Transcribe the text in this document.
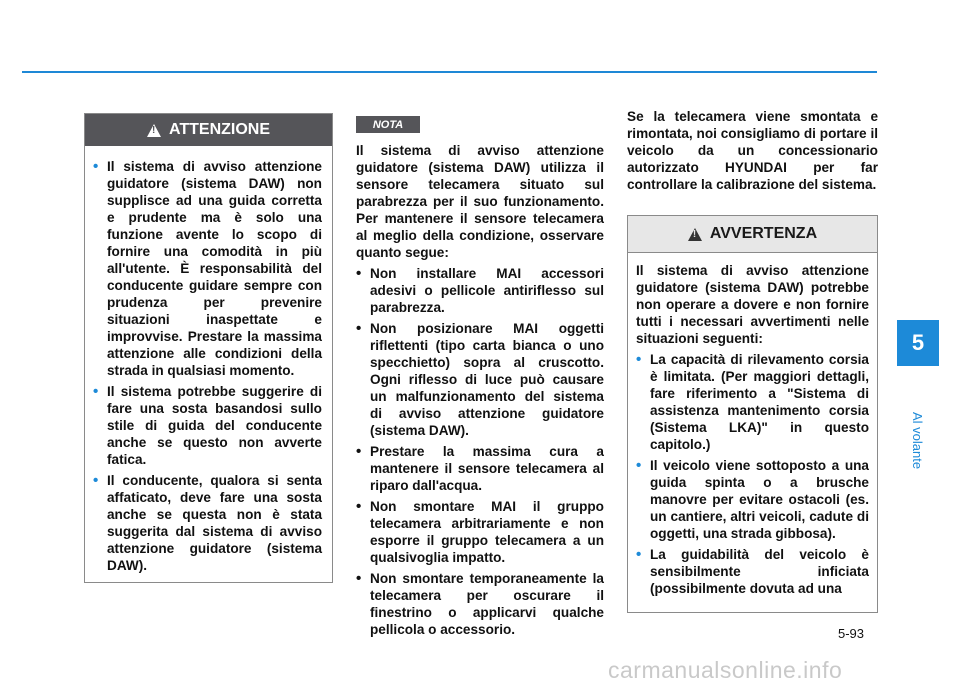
!
ATTENZIONE
• Il sistema di avviso attenzione guidatore (sistema DAW) non supplisce ad una guida corretta e prudente ma è solo una funzione avente lo scopo di fornire una comodità in più all'utente. È responsabilità del conducente guidare sempre con prudenza per prevenire situazioni inaspettate e improvvise. Prestare la massima attenzione alle condizioni della strada in qualsiasi momento.
• Il sistema potrebbe suggerire di fare una sosta basandosi sullo stile di guida del conducente anche se questo non avverte fatica.
• Il conducente, qualora si senta affaticato, deve fare una sosta anche se questa non è stata suggerita dal sistema di avviso attenzione guidatore (sistema DAW).
NOTA
Il sistema di avviso attenzione guidatore (sistema DAW) utilizza il sensore telecamera situato sul parabrezza per il suo funzionamento. Per mantenere il sensore telecamera al meglio della condizione, osservare quanto segue:
• Non installare MAI accessori adesivi o pellicole antiriflesso sul parabrezza.
• Non posizionare MAI oggetti riflettenti (tipo carta bianca o uno specchietto) sopra al cruscotto. Ogni riflesso di luce può causare un malfunzionamento del sistema di avviso attenzione guidatore (sistema DAW).
• Prestare la massima cura a mantenere il sensore telecamera al riparo dall'acqua.
• Non smontare MAI il gruppo telecamera arbitrariamente e non esporre il gruppo telecamera a un qualsivoglia impatto.
• Non smontare temporaneamente la telecamera per oscurare il finestrino o applicarvi qualche pellicola o accessorio.
Se la telecamera viene smontata e rimontata, noi consigliamo di portare il veicolo da un concessionario autorizzato HYUNDAI per far controllare la calibrazione del sistema.
!
AVVERTENZA
Il sistema di avviso attenzione guidatore (sistema DAW) potrebbe non operare a dovere e non fornire tutti i necessari avvertimenti nelle situazioni seguenti:
• La capacità di rilevamento corsia è limitata. (Per maggiori dettagli, fare riferimento a "Sistema di assistenza mantenimento corsia (Sistema LKA)" in questo capitolo.)
• Il veicolo viene sottoposto a una guida spinta o a brusche manovre per evitare ostacoli (es. un cantiere, altri veicoli, cadute di oggetti, una strada gibbosa).
• La guidabilità del veicolo è sensibilmente inficiata (possibilmente dovuta ad una
5
Al volante
5-93
carmanualsonline.info
